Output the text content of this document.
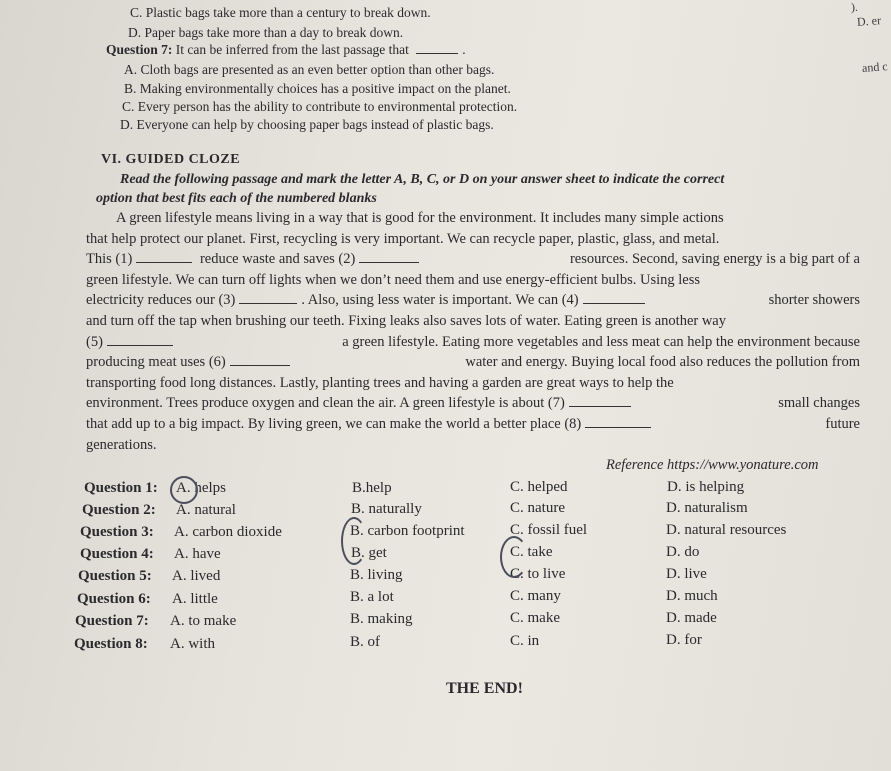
).
D. er
and c
C. Plastic bags take more than a century to break down.
D. Paper bags take more than a day to break down.
Question 7: It can be inferred from the last passage that	.
A. Cloth bags are presented as an even better option than other bags.
B. Making environmentally choices has a positive impact on the planet.
C. Every person has the ability to contribute to environmental protection.
D. Everyone can help by choosing paper bags instead of plastic bags.
VI. GUIDED CLOZE
Read the following passage and mark the letter A, B, C, or D on your answer sheet to indicate the correct
option that best fits each of the numbered blanks
A green lifestyle means living in a way that is good for the environment. It includes many simple actions
that help protect our planet. First, recycling is very important. We can recycle paper, plastic, glass, and metal.
This (1)	reduce waste and saves (2)	resources. Second, saving energy is a big part of a
green lifestyle. We can turn off lights when we don’t need them and use energy-efficient bulbs. Using less
electricity reduces our (3)	. Also, using less water is important. We can (4)	shorter showers
and turn off the tap when brushing our teeth. Fixing leaks also saves lots of water. Eating green is another way
(5)	a green lifestyle. Eating more vegetables and less meat can help the environment because
producing meat uses (6)	water and energy. Buying local food also reduces the pollution from
transporting food long distances. Lastly, planting trees and having a garden are great ways to help the
environment. Trees produce oxygen and clean the air. A green lifestyle is about (7)	small changes
that add up to a big impact. By living green, we can make the world a better place (8)	future
generations.
Reference https://www.yonature.com
Question 1: A. helps	B.help	C. helped	D. is helping
Question 2: A. natural	B. naturally	C. nature	D. naturalism
Question 3: A. carbon dioxide	B. carbon footprint	C. fossil fuel	D. natural resources
Question 4: A. have	B. get	C. take	D. do
Question 5: A. lived	B. living	C. to live	D. live
Question 6: A. little	B. a lot	C. many	D. much
Question 7: A. to make	B. making	C. make	D. made
Question 8: A. with	B. of	C. in	D. for
THE END!
